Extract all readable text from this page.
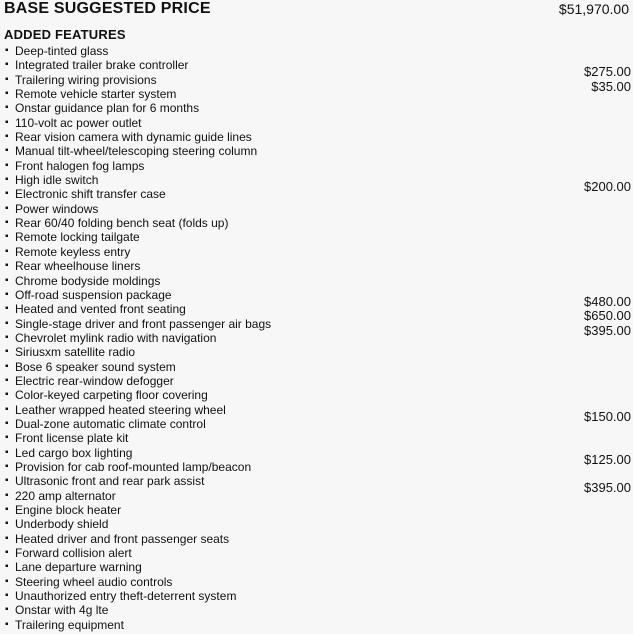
BASE SUGGESTED PRICE	$51,970.00
ADDED FEATURES
▪ Deep-tinted glass
▪ Integrated trailer brake controller	$275.00
▪ Trailering wiring provisions	$35.00
▪ Remote vehicle starter system
▪ Onstar guidance plan for 6 months
▪ 110-volt ac power outlet
▪ Rear vision camera with dynamic guide lines
▪ Manual tilt-wheel/telescoping steering column
▪ Front halogen fog lamps
▪ High idle switch	$200.00
▪ Electronic shift transfer case
▪ Power windows
▪ Rear 60/40 folding bench seat (folds up)
▪ Remote locking tailgate
▪ Remote keyless entry
▪ Rear wheelhouse liners
▪ Chrome bodyside moldings
▪ Off-road suspension package	$480.00
▪ Heated and vented front seating	$650.00
▪ Single-stage driver and front passenger air bags	$395.00
▪ Chevrolet mylink radio with navigation
▪ Siriusxm satellite radio
▪ Bose 6 speaker sound system
▪ Electric rear-window defogger
▪ Color-keyed carpeting floor covering
▪ Leather wrapped heated steering wheel	$150.00
▪ Dual-zone automatic climate control
▪ Front license plate kit
▪ Led cargo box lighting	$125.00
▪ Provision for cab roof-mounted lamp/beacon
▪ Ultrasonic front and rear park assist	$395.00
▪ 220 amp alternator
▪ Engine block heater
▪ Underbody shield
▪ Heated driver and front passenger seats
▪ Forward collision alert
▪ Lane departure warning
▪ Steering wheel audio controls
▪ Unauthorized entry theft-deterrent system
▪ Onstar with 4g lte
▪ Trailering equipment
